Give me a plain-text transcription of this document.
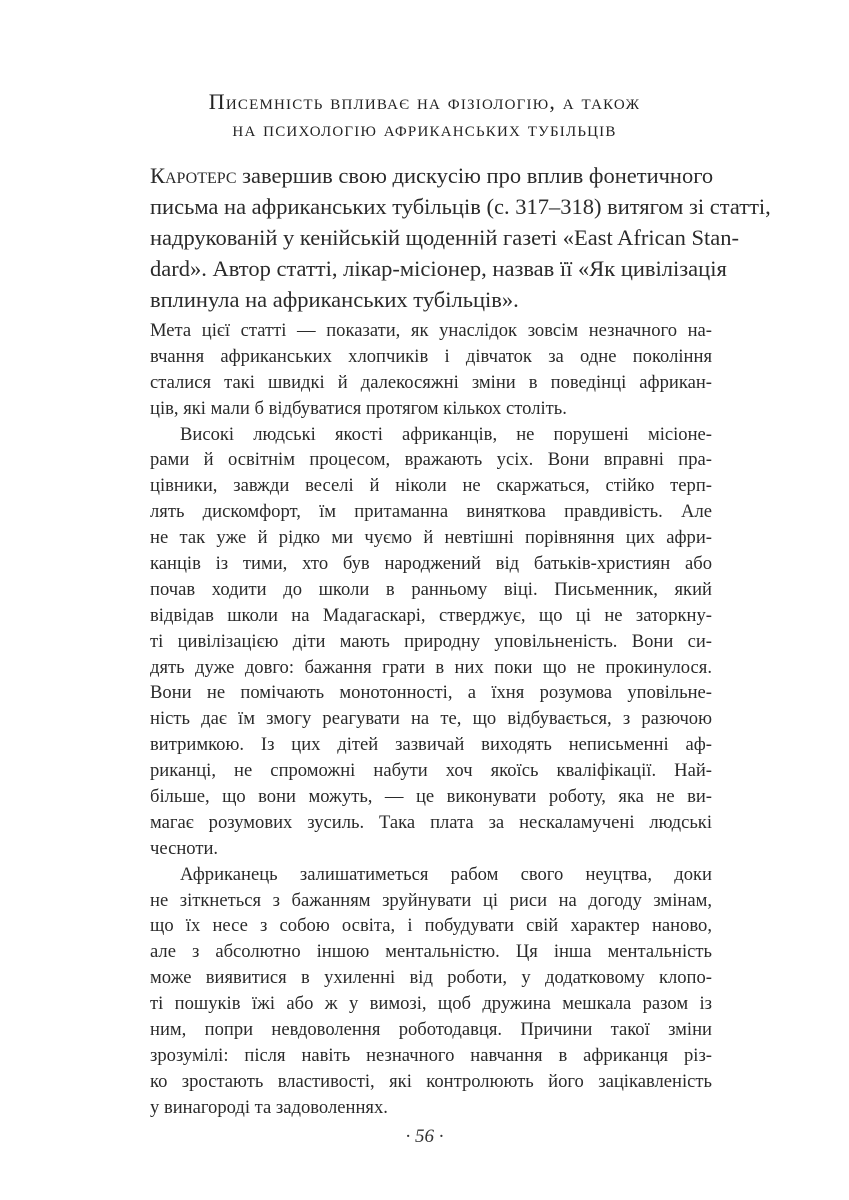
Писемність впливає на фізіологію, а також
на психологію африканських тубільців
Каротерс завершив свою дискусію про вплив фонетичного
письма на африканських тубільців (с. 317–318) витягом зі статті,
надрукованій у кенійській щоденній газеті «East African Stan-
dard». Автор статті, лікар-місіонер, назвав її «Як цивілізація
вплинула на африканських тубільців».
Мета цієї статті — показати, як унаслідок зовсім незначного на-
вчання африканських хлопчиків і дівчаток за одне покоління
сталися такі швидкі й далекосяжні зміни в поведінці африкан-
ців, які мали б відбуватися протягом кількох століть.
Високі людські якості африканців, не порушені місіоне-
рами й освітнім процесом, вражають усіх. Вони вправні пра-
цівники, завжди веселі й ніколи не скаржаться, стійко терп-
лять дискомфорт, їм притаманна виняткова правдивість. Але
не так уже й рідко ми чуємо й невтішні порівняння цих афри-
канців із тими, хто був народжений від батьків-християн або
почав ходити до школи в ранньому віці. Письменник, який
відвідав школи на Мадагаскарі, стверджує, що ці не заторкну-
ті цивілізацією діти мають природну уповільненість. Вони си-
дять дуже довго: бажання грати в них поки що не прокинулося.
Вони не помічають монотонності, а їхня розумова уповільне-
ність дає їм змогу реагувати на те, що відбувається, з разючою
витримкою. Із цих дітей зазвичай виходять неписьменні аф-
риканці, не спроможні набути хоч якоїсь кваліфікації. Най-
більше, що вони можуть, — це виконувати роботу, яка не ви-
магає розумових зусиль. Така плата за нескаламучені людські
чесноти.
Африканець залишатиметься рабом свого неуцтва, доки
не зіткнеться з бажанням зруйнувати ці риси на догоду змінам,
що їх несе з собою освіта, і побудувати свій характер наново,
але з абсолютно іншою ментальністю. Ця інша ментальність
може виявитися в ухиленні від роботи, у додатковому клопо-
ті пошуків їжі або ж у вимозі, щоб дружина мешкала разом із
ним, попри невдоволення роботодавця. Причини такої зміни
зрозумілі: після навіть незначного навчання в африканця різ-
ко зростають властивості, які контролюють його зацікавленість
у винагороді та задоволеннях.
· 56 ·
